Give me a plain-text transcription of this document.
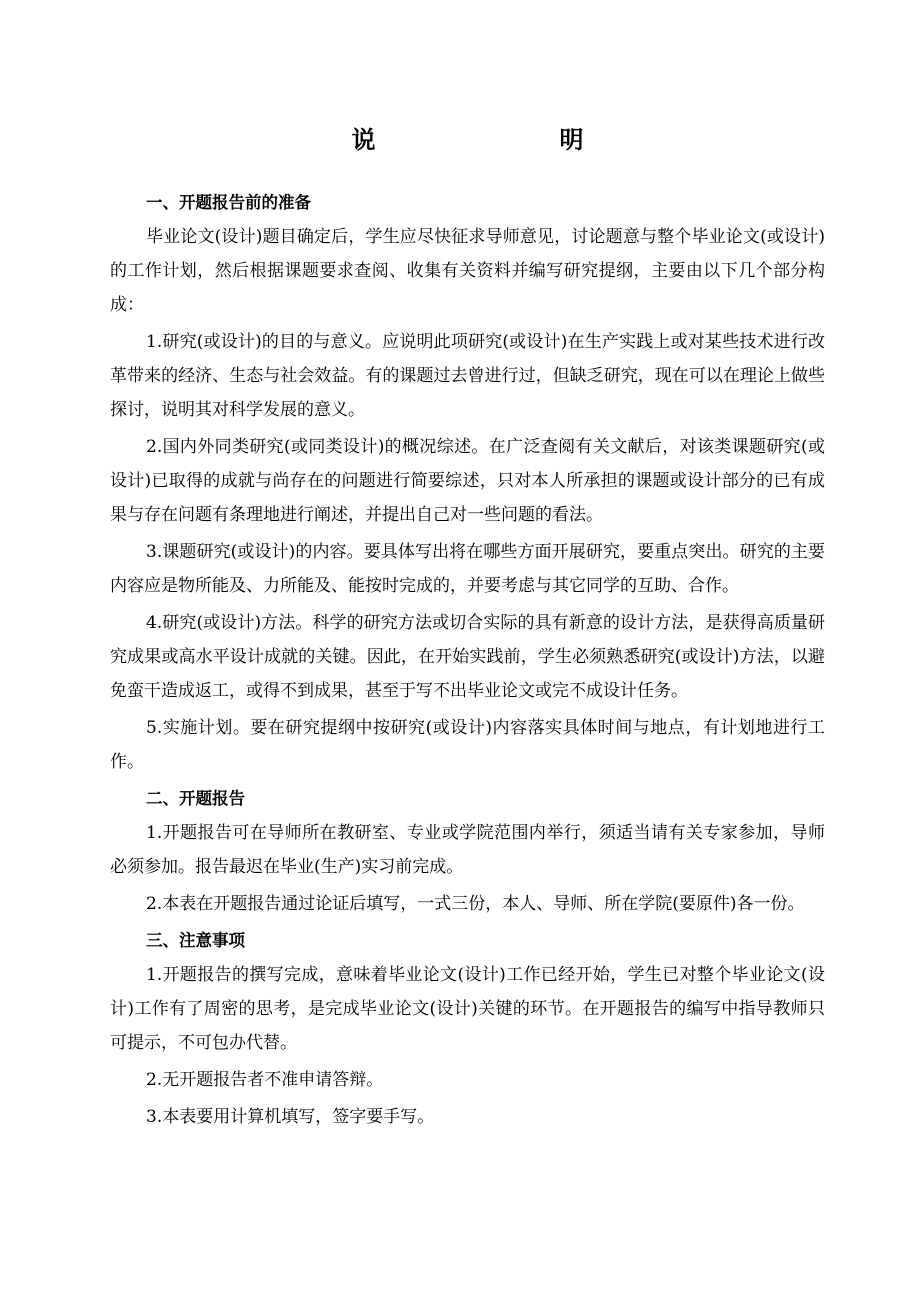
说　明

一、开题报告前的准备

毕业论文(设计)题目确定后，学生应尽快征求导师意见，讨论题意与整个毕业论文(或设计)的工作计划，然后根据课题要求查阅、收集有关资料并编写研究提纲，主要由以下几个部分构成：

1.研究(或设计)的目的与意义。应说明此项研究(或设计)在生产实践上或对某些技术进行改革带来的经济、生态与社会效益。有的课题过去曾进行过，但缺乏研究，现在可以在理论上做些探讨，说明其对科学发展的意义。

2.国内外同类研究(或同类设计)的概况综述。在广泛查阅有关文献后，对该类课题研究(或设计)已取得的成就与尚存在的问题进行简要综述，只对本人所承担的课题或设计部分的已有成果与存在问题有条理地进行阐述，并提出自己对一些问题的看法。

3.课题研究(或设计)的内容。要具体写出将在哪些方面开展研究，要重点突出。研究的主要内容应是物所能及、力所能及、能按时完成的，并要考虑与其它同学的互助、合作。

4.研究(或设计)方法。科学的研究方法或切合实际的具有新意的设计方法，是获得高质量研究成果或高水平设计成就的关键。因此，在开始实践前，学生必须熟悉研究(或设计)方法，以避免蛮干造成返工，或得不到成果，甚至于写不出毕业论文或完不成设计任务。

5.实施计划。要在研究提纲中按研究(或设计)内容落实具体时间与地点，有计划地进行工作。

二、开题报告

1.开题报告可在导师所在教研室、专业或学院范围内举行，须适当请有关专家参加，导师必须参加。报告最迟在毕业(生产)实习前完成。

2.本表在开题报告通过论证后填写，一式三份，本人、导师、所在学院(要原件)各一份。

三、注意事项

1.开题报告的撰写完成，意味着毕业论文(设计)工作已经开始，学生已对整个毕业论文(设计)工作有了周密的思考，是完成毕业论文(设计)关键的环节。在开题报告的编写中指导教师只可提示，不可包办代替。

2.无开题报告者不准申请答辩。

3.本表要用计算机填写，签字要手写。
